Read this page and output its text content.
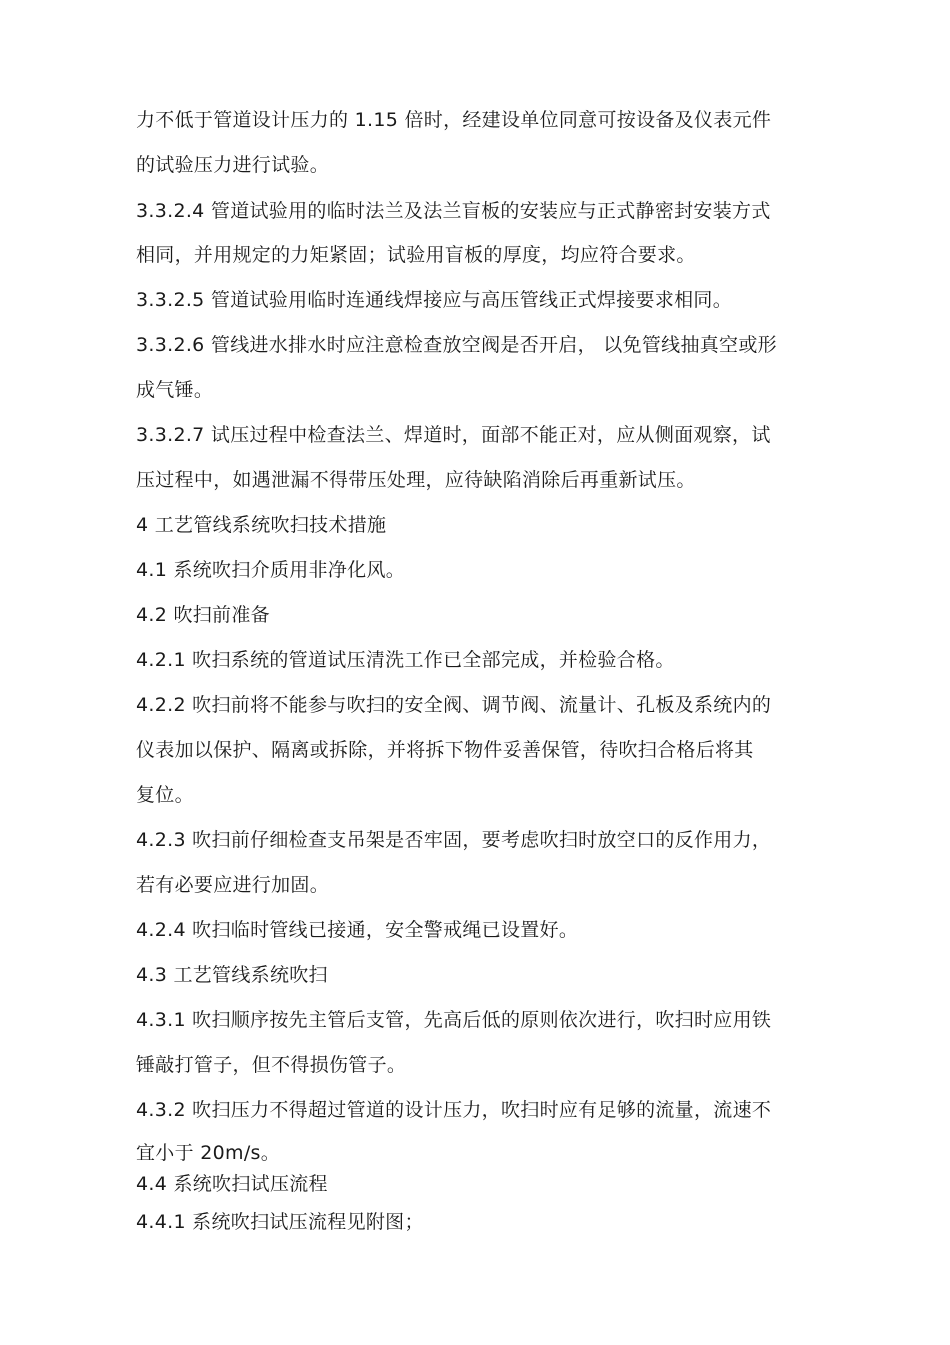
力不低于管道设计压力的 1.15 倍时，经建设单位同意可按设备及仪表元件

的试验压力进行试验。

3.3.2.4 管道试验用的临时法兰及法兰盲板的安装应与正式静密封安装方式

相同，并用规定的力矩紧固；试验用盲板的厚度，均应符合要求。

3.3.2.5 管道试验用临时连通线焊接应与高压管线正式焊接要求相同。

3.3.2.6 管线进水排水时应注意检查放空阀是否开启， 以免管线抽真空或形

成气锤。

3.3.2.7 试压过程中检查法兰、焊道时，面部不能正对，应从侧面观察，试

压过程中，如遇泄漏不得带压处理，应待缺陷消除后再重新试压。

4 工艺管线系统吹扫技术措施

4.1 系统吹扫介质用非净化风。

4.2 吹扫前准备

4.2.1 吹扫系统的管道试压清洗工作已全部完成，并检验合格。

4.2.2 吹扫前将不能参与吹扫的安全阀、调节阀、流量计、孔板及系统内的

仪表加以保护、隔离或拆除，并将拆下物件妥善保管，待吹扫合格后将其

复位。

4.2.3 吹扫前仔细检查支吊架是否牢固，要考虑吹扫时放空口的反作用力，

若有必要应进行加固。

4.2.4 吹扫临时管线已接通，安全警戒绳已设置好。

4.3 工艺管线系统吹扫

4.3.1 吹扫顺序按先主管后支管，先高后低的原则依次进行，吹扫时应用铁

锤敲打管子，但不得损伤管子。

4.3.2 吹扫压力不得超过管道的设计压力，吹扫时应有足够的流量，流速不

宜小于 20m/s。

4.4 系统吹扫试压流程

4.4.1 系统吹扫试压流程见附图；
